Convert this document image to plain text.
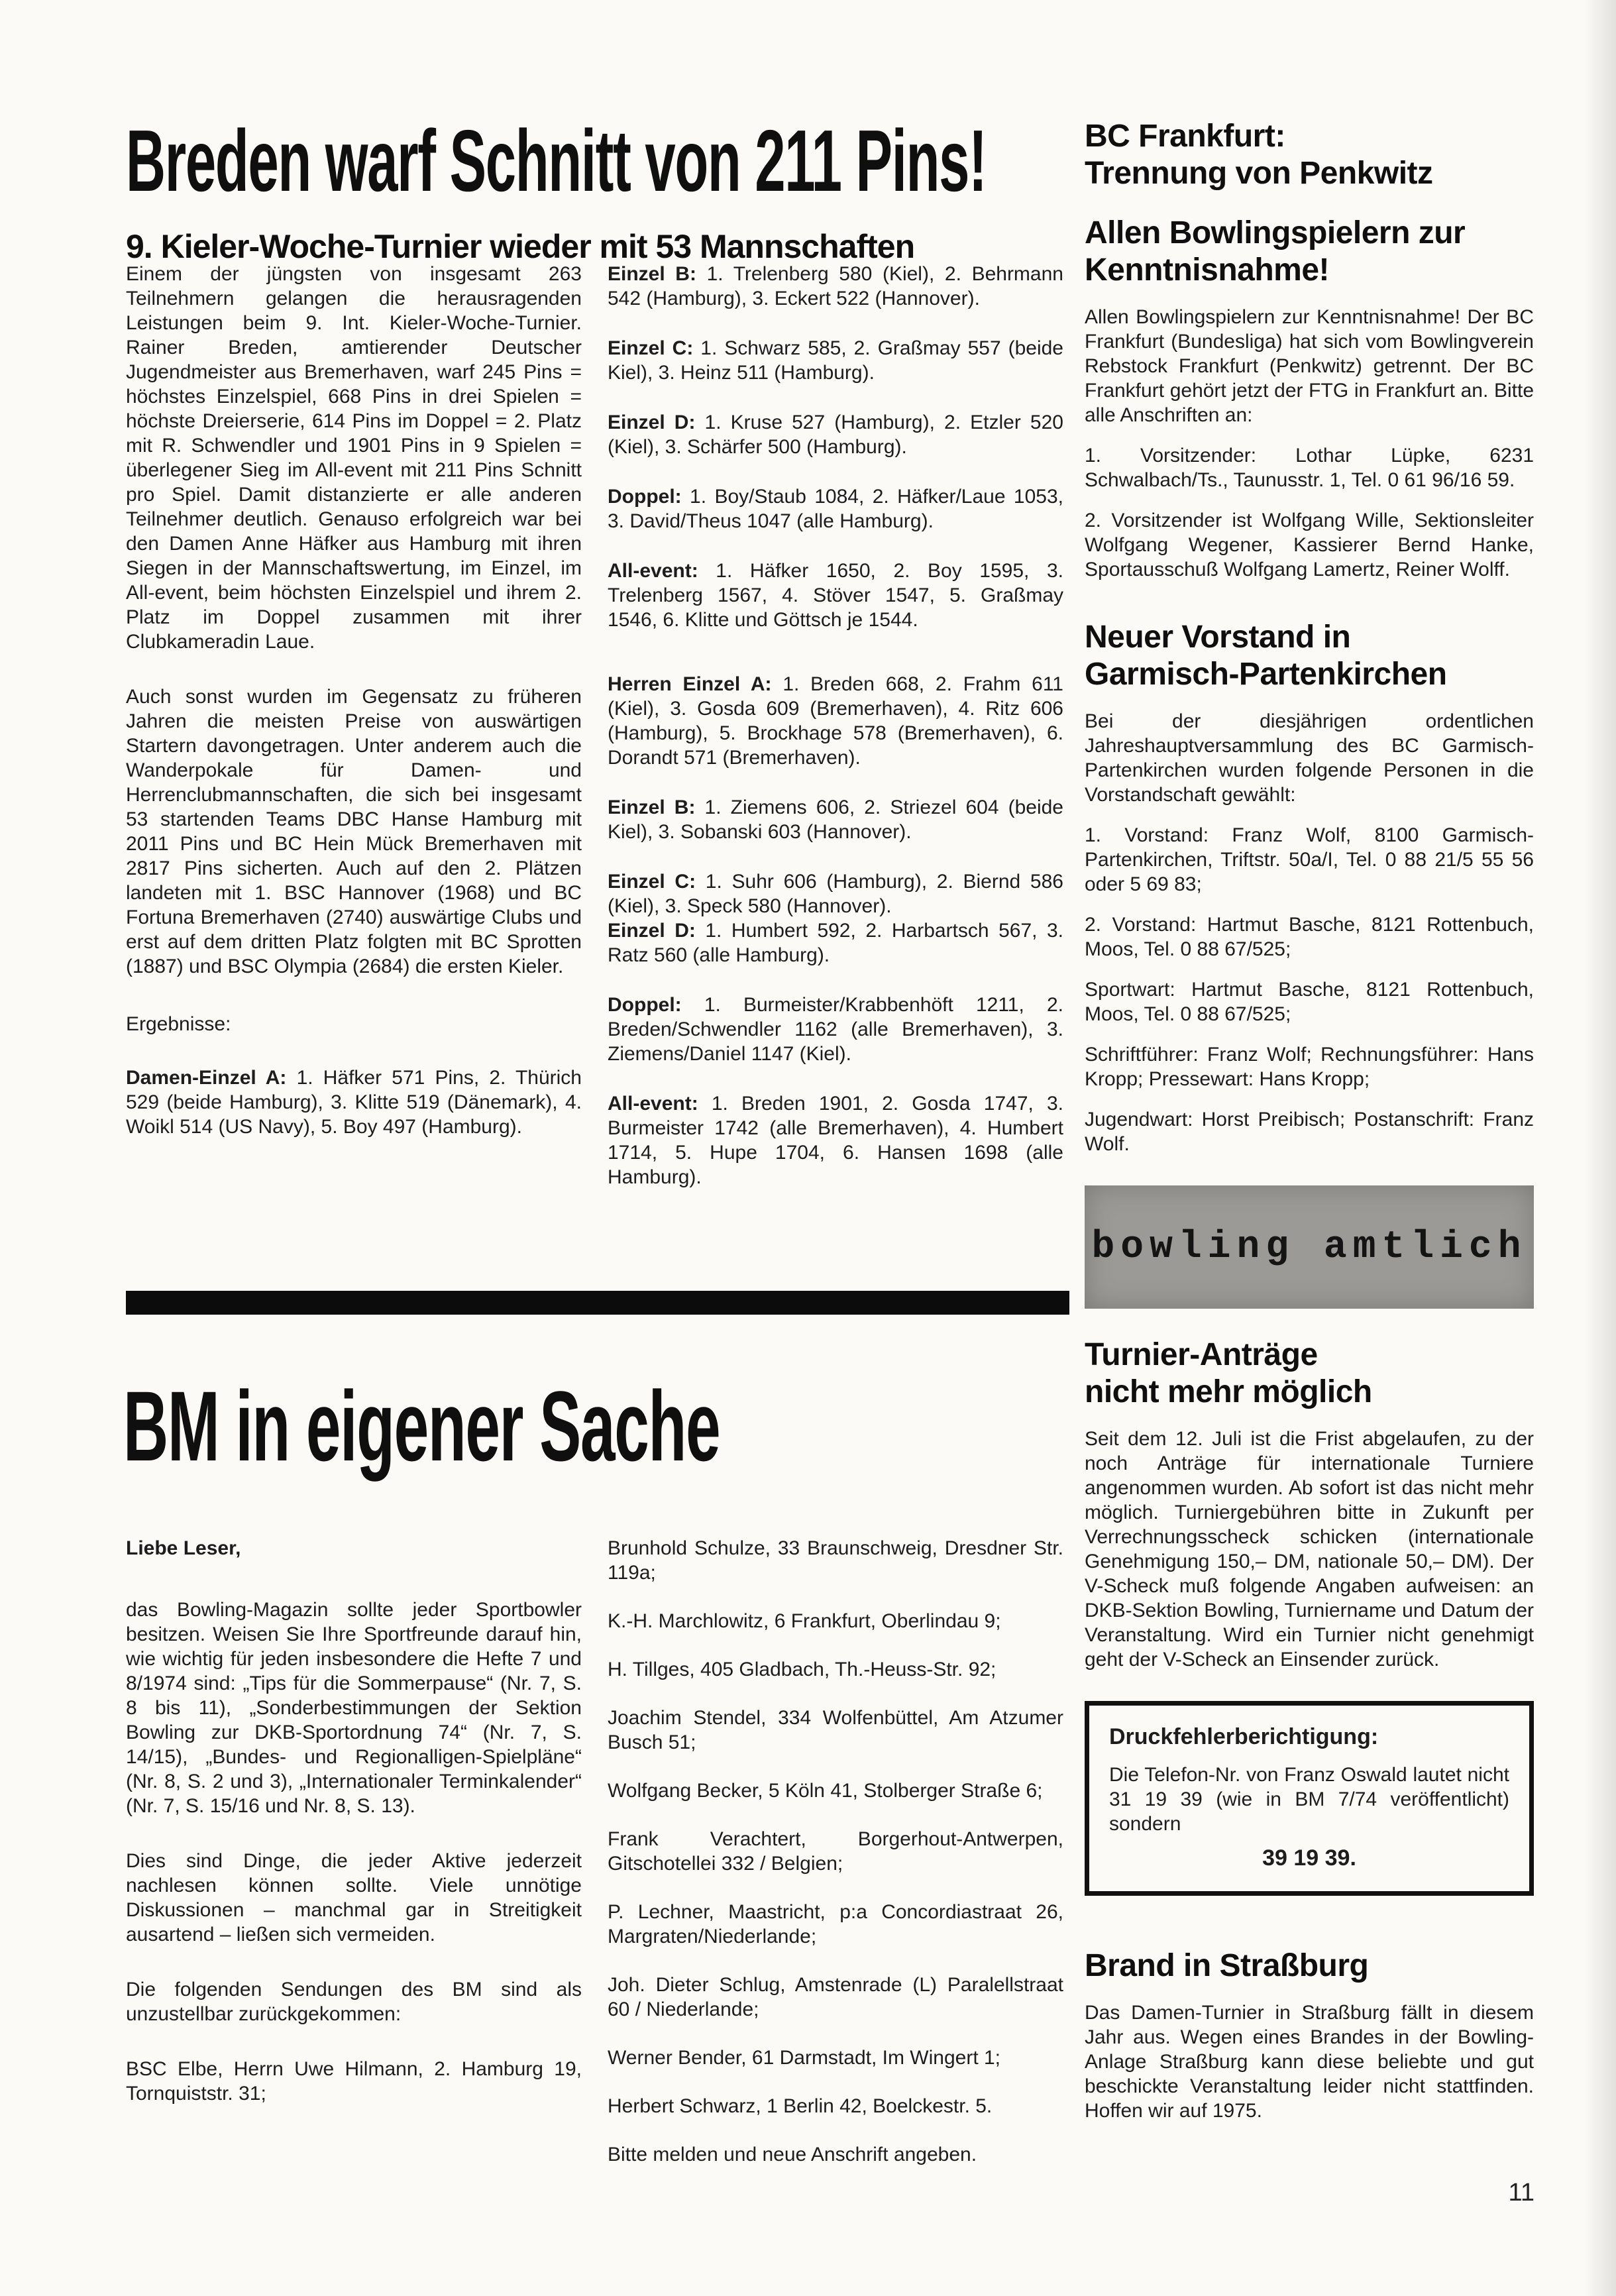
Breden warf Schnitt von 211 Pins!
9. Kieler-Woche-Turnier wieder mit 53 Mannschaften

Einem der jüngsten von insgesamt 263 Teilnehmern gelangen die herausragenden Leistungen beim 9. Int. Kieler-Woche-Turnier. Rainer Breden, amtierender Deutscher Jugendmeister aus Bremerhaven, warf 245 Pins = höchstes Einzelspiel, 668 Pins in drei Spielen = höchste Dreierserie, 614 Pins im Doppel = 2. Platz mit R. Schwendler und 1901 Pins in 9 Spielen = überlegener Sieg im All-event mit 211 Pins Schnitt pro Spiel. Damit distanzierte er alle anderen Teilnehmer deutlich. Genauso erfolgreich war bei den Damen Anne Häfker aus Hamburg mit ihren Siegen in der Mannschaftswertung, im Einzel, im All-event, beim höchsten Einzelspiel und ihrem 2. Platz im Doppel zusammen mit ihrer Clubkameradin Laue.

Auch sonst wurden im Gegensatz zu früheren Jahren die meisten Preise von auswärtigen Startern davongetragen. Unter anderem auch die Wanderpokale für Damen- und Herrenclubmannschaften, die sich bei insgesamt 53 startenden Teams DBC Hanse Hamburg mit 2011 Pins und BC Hein Mück Bremerhaven mit 2817 Pins sicherten. Auch auf den 2. Plätzen landeten mit 1. BSC Hannover (1968) und BC Fortuna Bremerhaven (2740) auswärtige Clubs und erst auf dem dritten Platz folgten mit BC Sprotten (1887) und BSC Olympia (2684) die ersten Kieler.

Ergebnisse:

Damen-Einzel A: 1. Häfker 571 Pins, 2. Thürich 529 (beide Hamburg), 3. Klitte 519 (Dänemark), 4. Woikl 514 (US Navy), 5. Boy 497 (Hamburg).

Einzel B: 1. Trelenberg 580 (Kiel), 2. Behrmann 542 (Hamburg), 3. Eckert 522 (Hannover).

Einzel C: 1. Schwarz 585, 2. Graßmay 557 (beide Kiel), 3. Heinz 511 (Hamburg).

Einzel D: 1. Kruse 527 (Hamburg), 2. Etzler 520 (Kiel), 3. Schärfer 500 (Hamburg).

Doppel: 1. Boy/Staub 1084, 2. Häfker/Laue 1053, 3. David/Theus 1047 (alle Hamburg).

All-event: 1. Häfker 1650, 2. Boy 1595, 3. Trelenberg 1567, 4. Stöver 1547, 5. Graßmay 1546, 6. Klitte und Göttsch je 1544.

Herren Einzel A: 1. Breden 668, 2. Frahm 611 (Kiel), 3. Gosda 609 (Bremerhaven), 4. Ritz 606 (Hamburg), 5. Brockhage 578 (Bremerhaven), 6. Dorandt 571 (Bremerhaven).

Einzel B: 1. Ziemens 606, 2. Striezel 604 (beide Kiel), 3. Sobanski 603 (Hannover).

Einzel C: 1. Suhr 606 (Hamburg), 2. Biernd 586 (Kiel), 3. Speck 580 (Hannover).

Einzel D: 1. Humbert 592, 2. Harbartsch 567, 3. Ratz 560 (alle Hamburg).

Doppel: 1. Burmeister/Krabbenhöft 1211, 2. Breden/Schwendler 1162 (alle Bremerhaven), 3. Ziemens/Daniel 1147 (Kiel).

All-event: 1. Breden 1901, 2. Gosda 1747, 3. Burmeister 1742 (alle Bremerhaven), 4. Humbert 1714, 5. Hupe 1704, 6. Hansen 1698 (alle Hamburg).

BC Frankfurt:
Trennung von Penkwitz
Allen Bowlingspielern zur
Kenntnisnahme!

Allen Bowlingspielern zur Kenntnisnahme! Der BC Frankfurt (Bundesliga) hat sich vom Bowlingverein Rebstock Frankfurt (Penkwitz) getrennt. Der BC Frankfurt gehört jetzt der FTG in Frankfurt an. Bitte alle Anschriften an:

1. Vorsitzender: Lothar Lüpke, 6231 Schwalbach/Ts., Taunusstr. 1, Tel. 0 61 96/16 59.

2. Vorsitzender ist Wolfgang Wille, Sektionsleiter Wolfgang Wegener, Kassierer Bernd Hanke, Sportausschuß Wolfgang Lamertz, Reiner Wolff.

Neuer Vorstand in
Garmisch-Partenkirchen

Bei der diesjährigen ordentlichen Jahreshauptversammlung des BC Garmisch-Partenkirchen wurden folgende Personen in die Vorstandschaft gewählt:

1. Vorstand: Franz Wolf, 8100 Garmisch-Partenkirchen, Triftstr. 50a/I, Tel. 0 88 21/5 55 56 oder 5 69 83;

2. Vorstand: Hartmut Basche, 8121 Rottenbuch, Moos, Tel. 0 88 67/525;

Sportwart: Hartmut Basche, 8121 Rottenbuch, Moos, Tel. 0 88 67/525;

Schriftführer: Franz Wolf; Rechnungsführer: Hans Kropp; Pressewart: Hans Kropp;

Jugendwart: Horst Preibisch; Postanschrift: Franz Wolf.

bowling amtlich
Turnier-Anträge
nicht mehr möglich

Seit dem 12. Juli ist die Frist abgelaufen, zu der noch Anträge für internationale Turniere angenommen wurden. Ab sofort ist das nicht mehr möglich. Turniergebühren bitte in Zukunft per Verrechnungsscheck schicken (internationale Genehmigung 150,– DM, nationale 50,– DM). Der V-Scheck muß folgende Angaben aufweisen: an DKB-Sektion Bowling, Turniername und Datum der Veranstaltung. Wird ein Turnier nicht genehmigt geht der V-Scheck an Einsender zurück.

Druckfehlerberichtigung:

Die Telefon-Nr. von Franz Oswald lautet nicht 31 19 39 (wie in BM 7/74 veröffentlicht) sondern

39 19 39.

Brand in Straßburg

Das Damen-Turnier in Straßburg fällt in diesem Jahr aus. Wegen eines Brandes in der Bowling-Anlage Straßburg kann diese beliebte und gut beschickte Veranstaltung leider nicht stattfinden. Hoffen wir auf 1975.

BM in eigener Sache

Liebe Leser,

das Bowling-Magazin sollte jeder Sportbowler besitzen. Weisen Sie Ihre Sportfreunde darauf hin, wie wichtig für jeden insbesondere die Hefte 7 und 8/1974 sind: „Tips für die Sommerpause“ (Nr. 7, S. 8 bis 11), „Sonderbestimmungen der Sektion Bowling zur DKB-Sportordnung 74“ (Nr. 7, S. 14/15), „Bundes- und Regionalligen-Spielpläne“ (Nr. 8, S. 2 und 3), „Internationaler Terminkalender“ (Nr. 7, S. 15/16 und Nr. 8, S. 13).

Dies sind Dinge, die jeder Aktive jederzeit nachlesen können sollte. Viele unnötige Diskussionen – manchmal gar in Streitigkeit ausartend – ließen sich vermeiden.

Die folgenden Sendungen des BM sind als unzustellbar zurückgekommen:

BSC Elbe, Herrn Uwe Hilmann, 2. Hamburg 19, Tornquiststr. 31;

Brunhold Schulze, 33 Braunschweig, Dresdner Str. 119a;

K.-H. Marchlowitz, 6 Frankfurt, Oberlindau 9;

H. Tillges, 405 Gladbach, Th.-Heuss-Str. 92;

Joachim Stendel, 334 Wolfenbüttel, Am Atzumer Busch 51;

Wolfgang Becker, 5 Köln 41, Stolberger Straße 6;

Frank Verachtert, Borgerhout-Antwerpen, Gitschotellei 332 / Belgien;

P. Lechner, Maastricht, p:a Concordiastraat 26, Margraten/Niederlande;

Joh. Dieter Schlug, Amstenrade (L) Paralellstraat 60 / Niederlande;

Werner Bender, 61 Darmstadt, Im Wingert 1;

Herbert Schwarz, 1 Berlin 42, Boelckestr. 5.

Bitte melden und neue Anschrift angeben.

11
